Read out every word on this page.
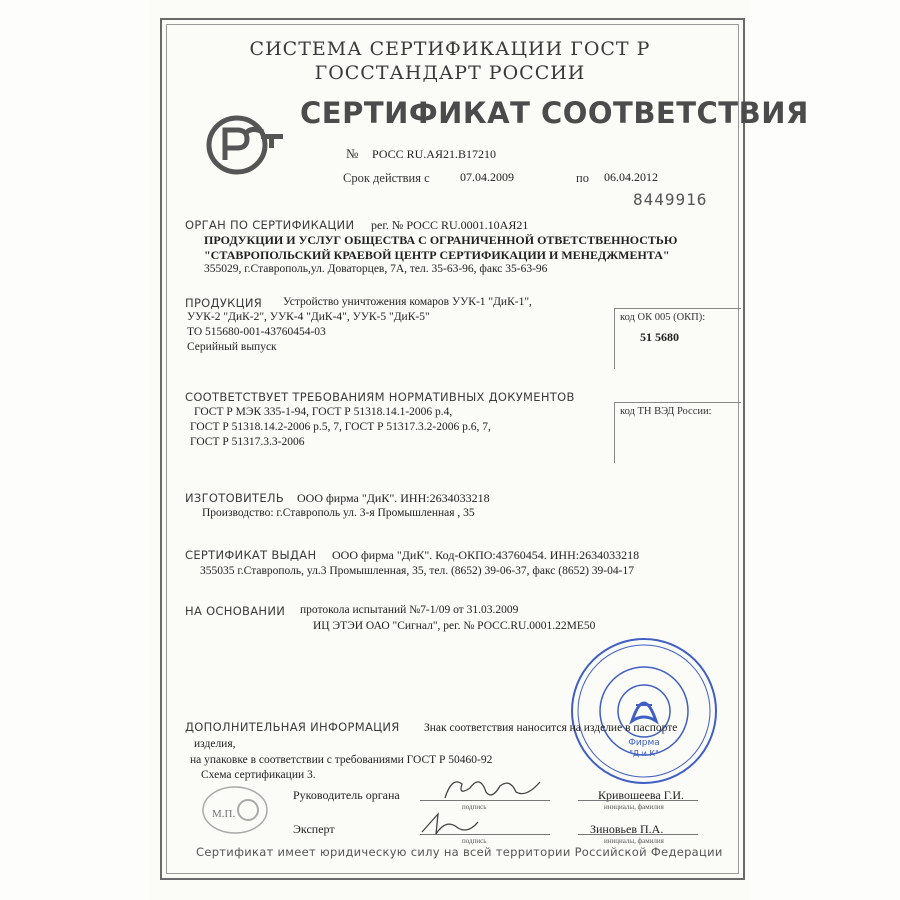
СИСТЕМА СЕРТИФИКАЦИИ ГОСТ Р
ГОССТАНДАРТ РОССИИ
СЕРТИФИКАТ СООТВЕТСТВИЯ
№ РОСС RU.АЯ21.В17210
Срок действия с	07.04.2009	по 06.04.2012
8449916
ОРГАН ПО СЕРТИФИКАЦИИ рег. № РОСС RU.0001.10АЯ21
ПРОДУКЦИИ И УСЛУГ ОБЩЕСТВА С ОГРАНИЧЕННОЙ ОТВЕТСТВЕННОСТЬЮ
"СТАВРОПОЛЬСКИЙ КРАЕВОЙ ЦЕНТР СЕРТИФИКАЦИИ И МЕНЕДЖМЕНТА"
355029, г.Ставрополь,ул. Доваторцев, 7А, тел. 35-63-96, факс 35-63-96
ПРОДУКЦИЯ Устройство уничтожения комаров УУК-1 "ДиК-1",
УУК-2 "ДиК-2", УУК-4 "ДиК-4", УУК-5 "ДиК-5"
ТО 515680-001-43760454-03
Серийный выпуск
код ОК 005 (ОКП):
51 5680
СООТВЕТСТВУЕТ ТРЕБОВАНИЯМ НОРМАТИВНЫХ ДОКУМЕНТОВ
ГОСТ Р МЭК 335-1-94, ГОСТ Р 51318.14.1-2006 р.4,
ГОСТ Р 51318.14.2-2006 р.5, 7, ГОСТ Р 51317.3.2-2006 р.6, 7,
ГОСТ Р 51317.3.3-2006
код ТН ВЭД России:
ИЗГОТОВИТЕЛЬ ООО фирма "ДиК". ИНН:2634033218
Производство: г.Ставрополь ул. 3-я Промышленная , 35
СЕРТИФИКАТ ВЫДАН ООО фирма "ДиК". Код-ОКПО:43760454. ИНН:2634033218
355035 г.Ставрополь, ул.3 Промышленная, 35, тел. (8652) 39-06-37, факс (8652) 39-04-17
НА ОСНОВАНИИ протокола испытаний №7-1/09 от 31.03.2009
ИЦ ЭТЭИ ОАО "Сигнал", рег. № РОСС.RU.0001.22МЕ50
Фирма
"Д и К"
ДОПОЛНИТЕЛЬНАЯ ИНФОРМАЦИЯ Знак соответствия наносится на изделие в паспорте
изделия,
на упаковке в соответствии с требованиями ГОСТ Р 50460-92
Схема сертификации 3.
М.П.
Руководитель органа
подпись
Кривошеева Г.И.
инициалы, фамилия
Эксперт
подпись
Зиновьев П.А.
инициалы, фамилия
Сертификат имеет юридическую силу на всей территории Российской Федерации
